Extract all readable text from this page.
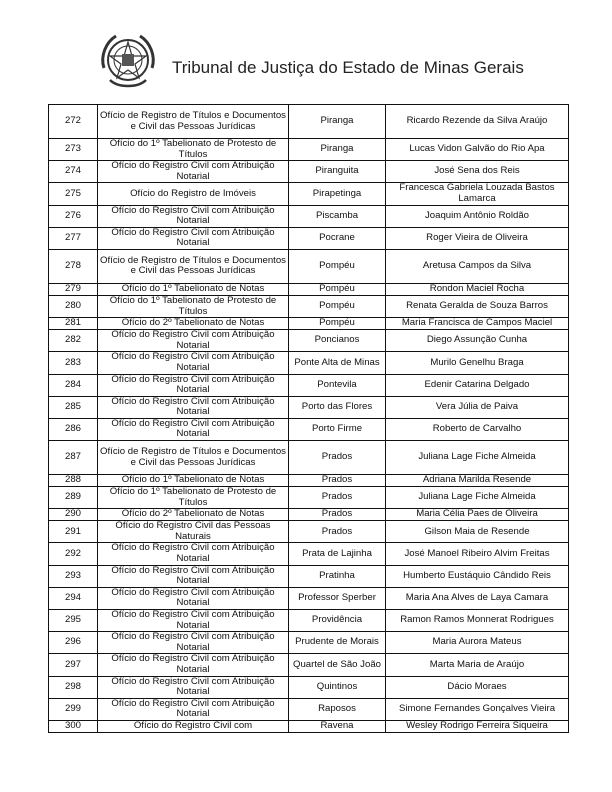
Tribunal de Justiça do Estado de Minas Gerais
272	Ofício de Registro de Títulos e Documentos e Civil das Pessoas Jurídicas	Piranga	Ricardo Rezende da Silva Araújo
273	Ofício do 1º Tabelionato de Protesto de Títulos	Piranga	Lucas Vidon Galvão do Rio Apa
274	Ofício do Registro Civil com Atribuição Notarial	Piranguita	José Sena dos Reis
275	Ofício do Registro de Imóveis	Pirapetinga	Francesca Gabriela Louzada Bastos Lamarca
276	Ofício do Registro Civil com Atribuição Notarial	Piscamba	Joaquim Antônio Roldão
277	Ofício do Registro Civil com Atribuição Notarial	Pocrane	Roger Vieira de Oliveira
278	Ofício de Registro de Títulos e Documentos e Civil das Pessoas Jurídicas	Pompéu	Aretusa Campos da Silva
279	Ofício do 1º Tabelionato de Notas	Pompéu	Rondon Maciel Rocha
280	Ofício do 1º Tabelionato de Protesto de Títulos	Pompéu	Renata Geralda de Souza Barros
281	Ofício do 2º Tabelionato de Notas	Pompéu	Maria Francisca de Campos Maciel
282	Ofício do Registro Civil com Atribuição Notarial	Poncianos	Diego Assunção Cunha
283	Ofício do Registro Civil com Atribuição Notarial	Ponte Alta de Minas	Murilo Genelhu Braga
284	Ofício do Registro Civil com Atribuição Notarial	Pontevila	Edenir Catarina Delgado
285	Ofício do Registro Civil com Atribuição Notarial	Porto das Flores	Vera Júlia de Paiva
286	Ofício do Registro Civil com Atribuição Notarial	Porto Firme	Roberto de Carvalho
287	Ofício de Registro de Títulos e Documentos e Civil das Pessoas Jurídicas	Prados	Juliana Lage Fiche Almeida
288	Ofício do 1º Tabelionato de Notas	Prados	Adriana Marilda Resende
289	Ofício do 1º Tabelionato de Protesto de Títulos	Prados	Juliana Lage Fiche Almeida
290	Ofício do 2º Tabelionato de Notas	Prados	Maria Célia Paes de Oliveira
291	Ofício do Registro Civil das Pessoas Naturais	Prados	Gilson Maia de Resende
292	Ofício do Registro Civil com Atribuição Notarial	Prata de Lajinha	José Manoel Ribeiro Alvim Freitas
293	Ofício do Registro Civil com Atribuição Notarial	Pratinha	Humberto Eustáquio Cândido Reis
294	Ofício do Registro Civil com Atribuição Notarial	Professor Sperber	Maria Ana Alves de Laya Camara
295	Ofício do Registro Civil com Atribuição Notarial	Providência	Ramon Ramos Monnerat Rodrigues
296	Ofício do Registro Civil com Atribuição Notarial	Prudente de Morais	Maria Aurora Mateus
297	Ofício do Registro Civil com Atribuição Notarial	Quartel de São João	Marta Maria de Araújo
298	Ofício do Registro Civil com Atribuição Notarial	Quintinos	Dácio Moraes
299	Ofício do Registro Civil com Atribuição Notarial	Raposos	Simone Fernandes Gonçalves Vieira
300	Ofício do Registro Civil com	Ravena	Wesley Rodrigo Ferreira Siqueira
